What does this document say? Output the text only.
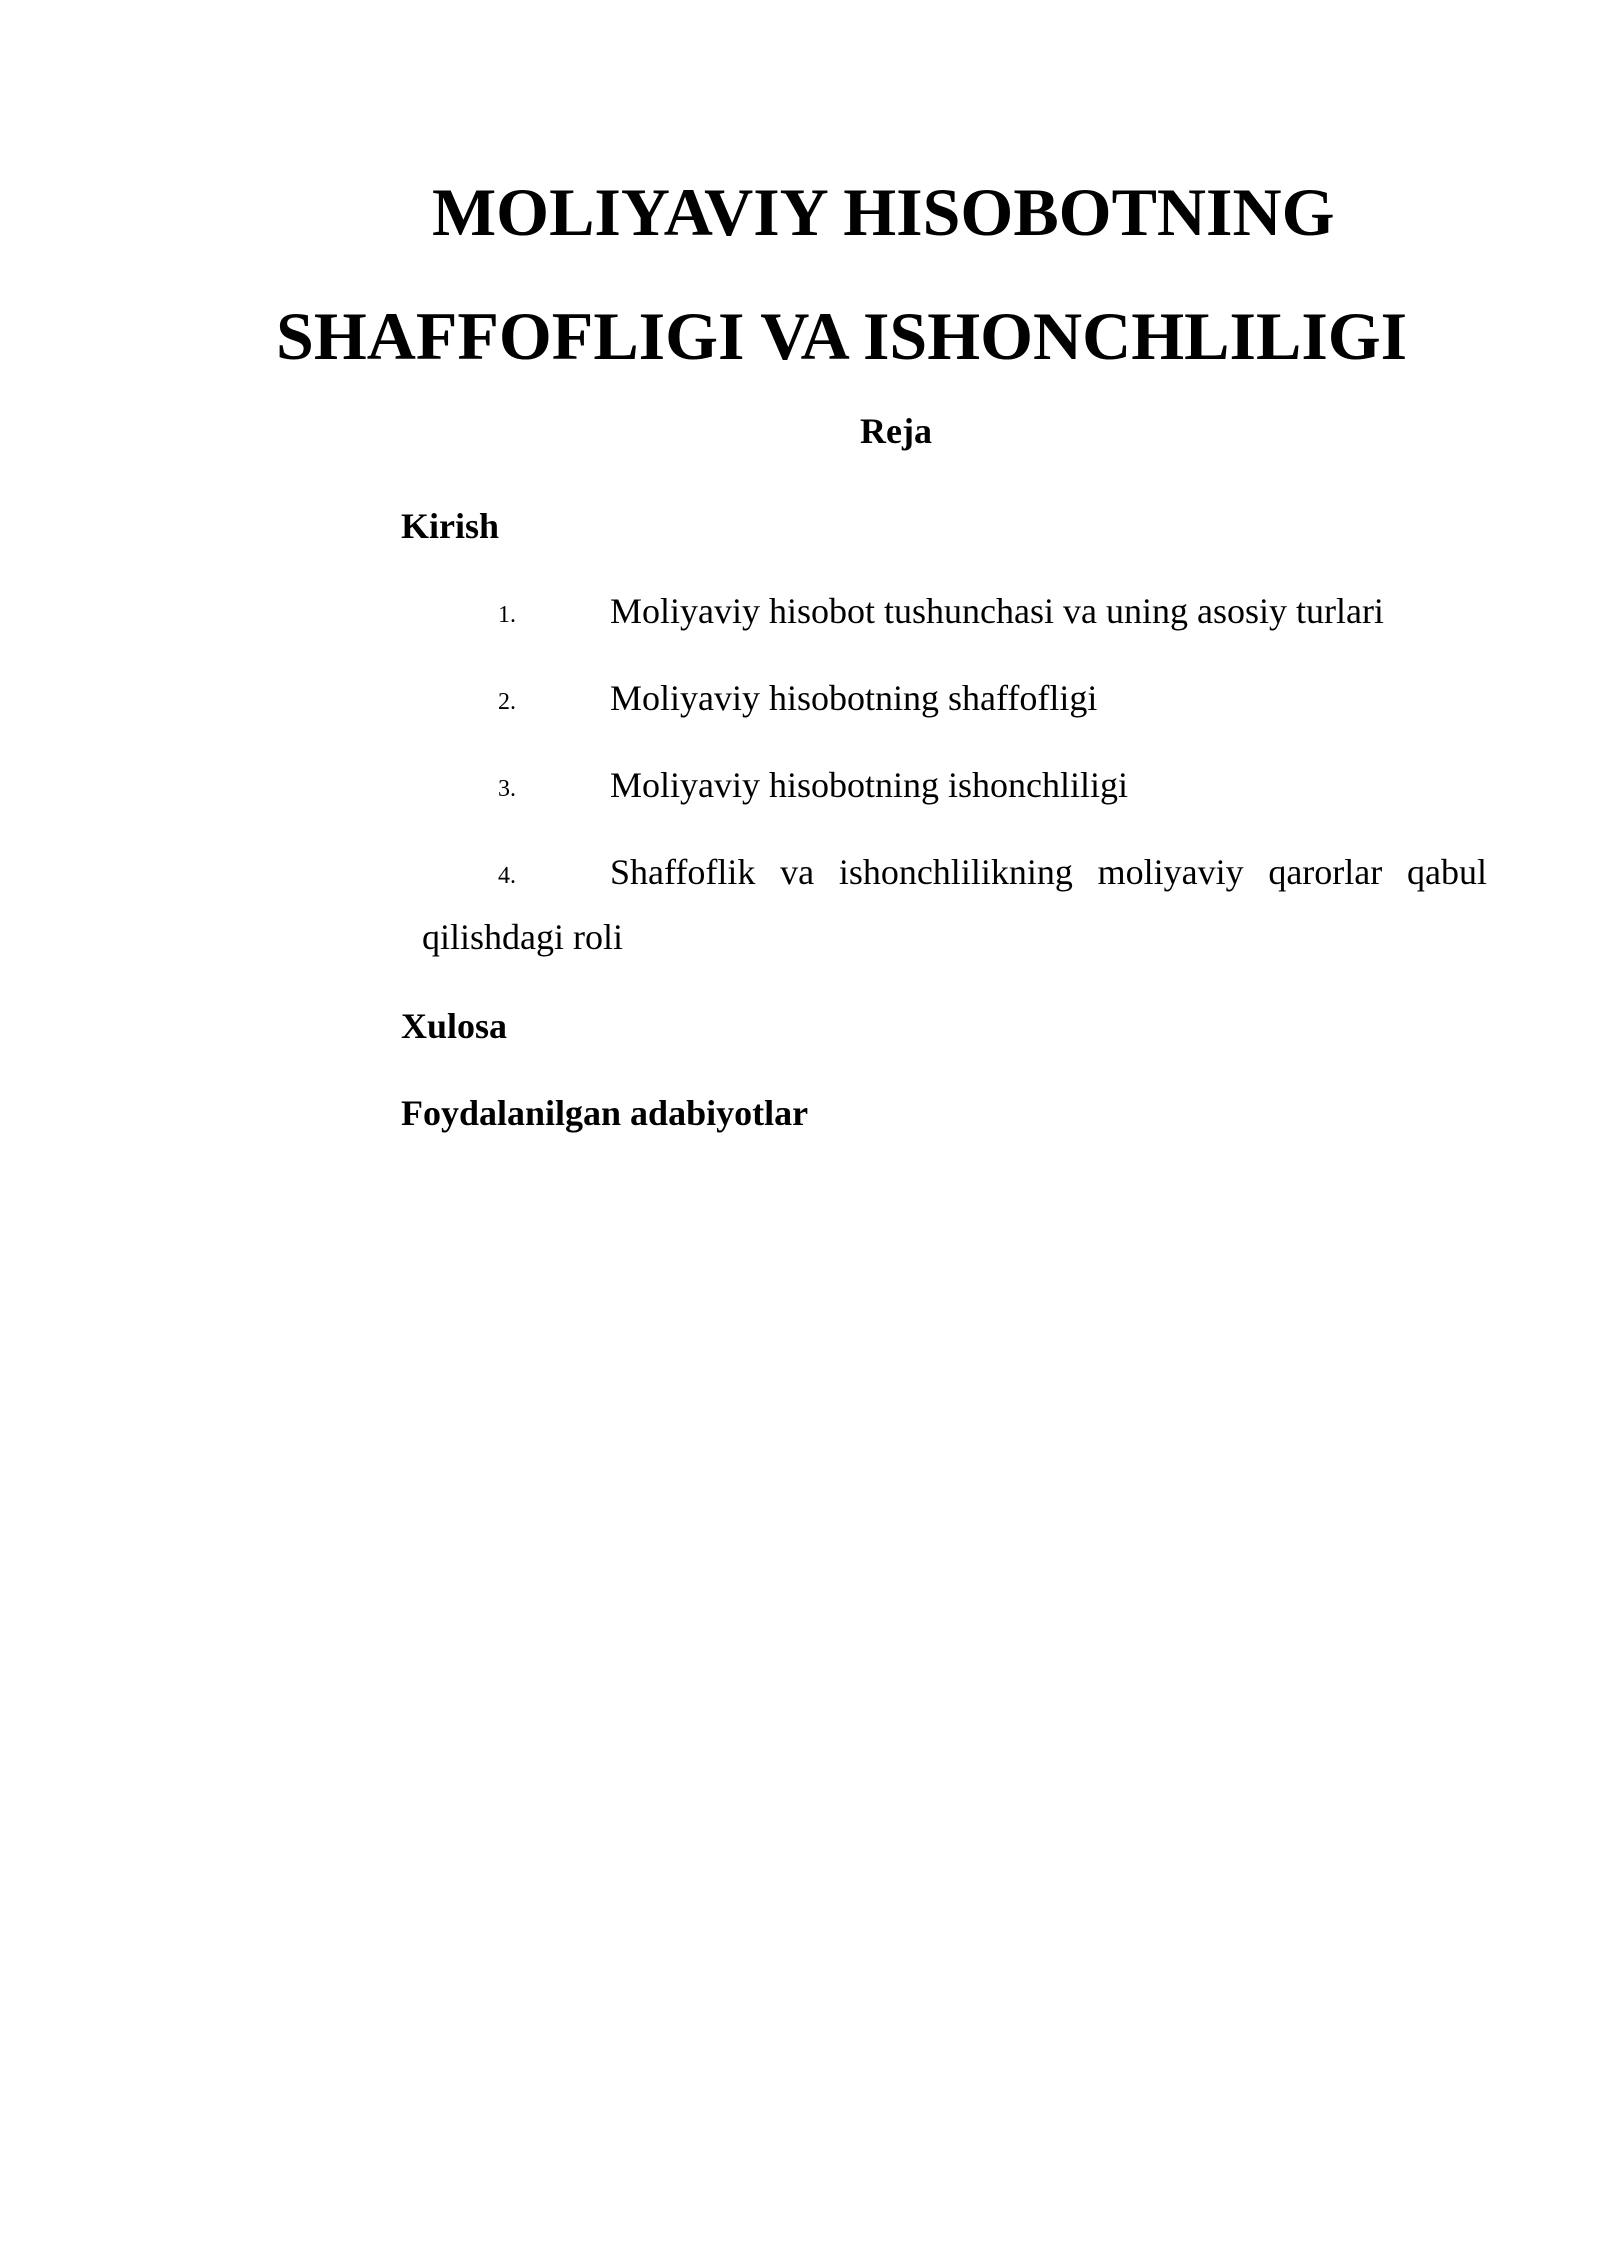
MOLIYAVIY HISOBOTNING
SHAFFOFLIGI VA ISHONCHLILIGI

Reja

Kirish

1.	Moliyaviy hisobot tushunchasi va uning asosiy turlari
2.	Moliyaviy hisobotning shaffofligi
3.	Moliyaviy hisobotning ishonchliligi
4.	Shaffoflik va ishonchlilikning moliyaviy qarorlar qabul
qilishdagi roli

Xulosa

Foydalanilgan adabiyotlar
